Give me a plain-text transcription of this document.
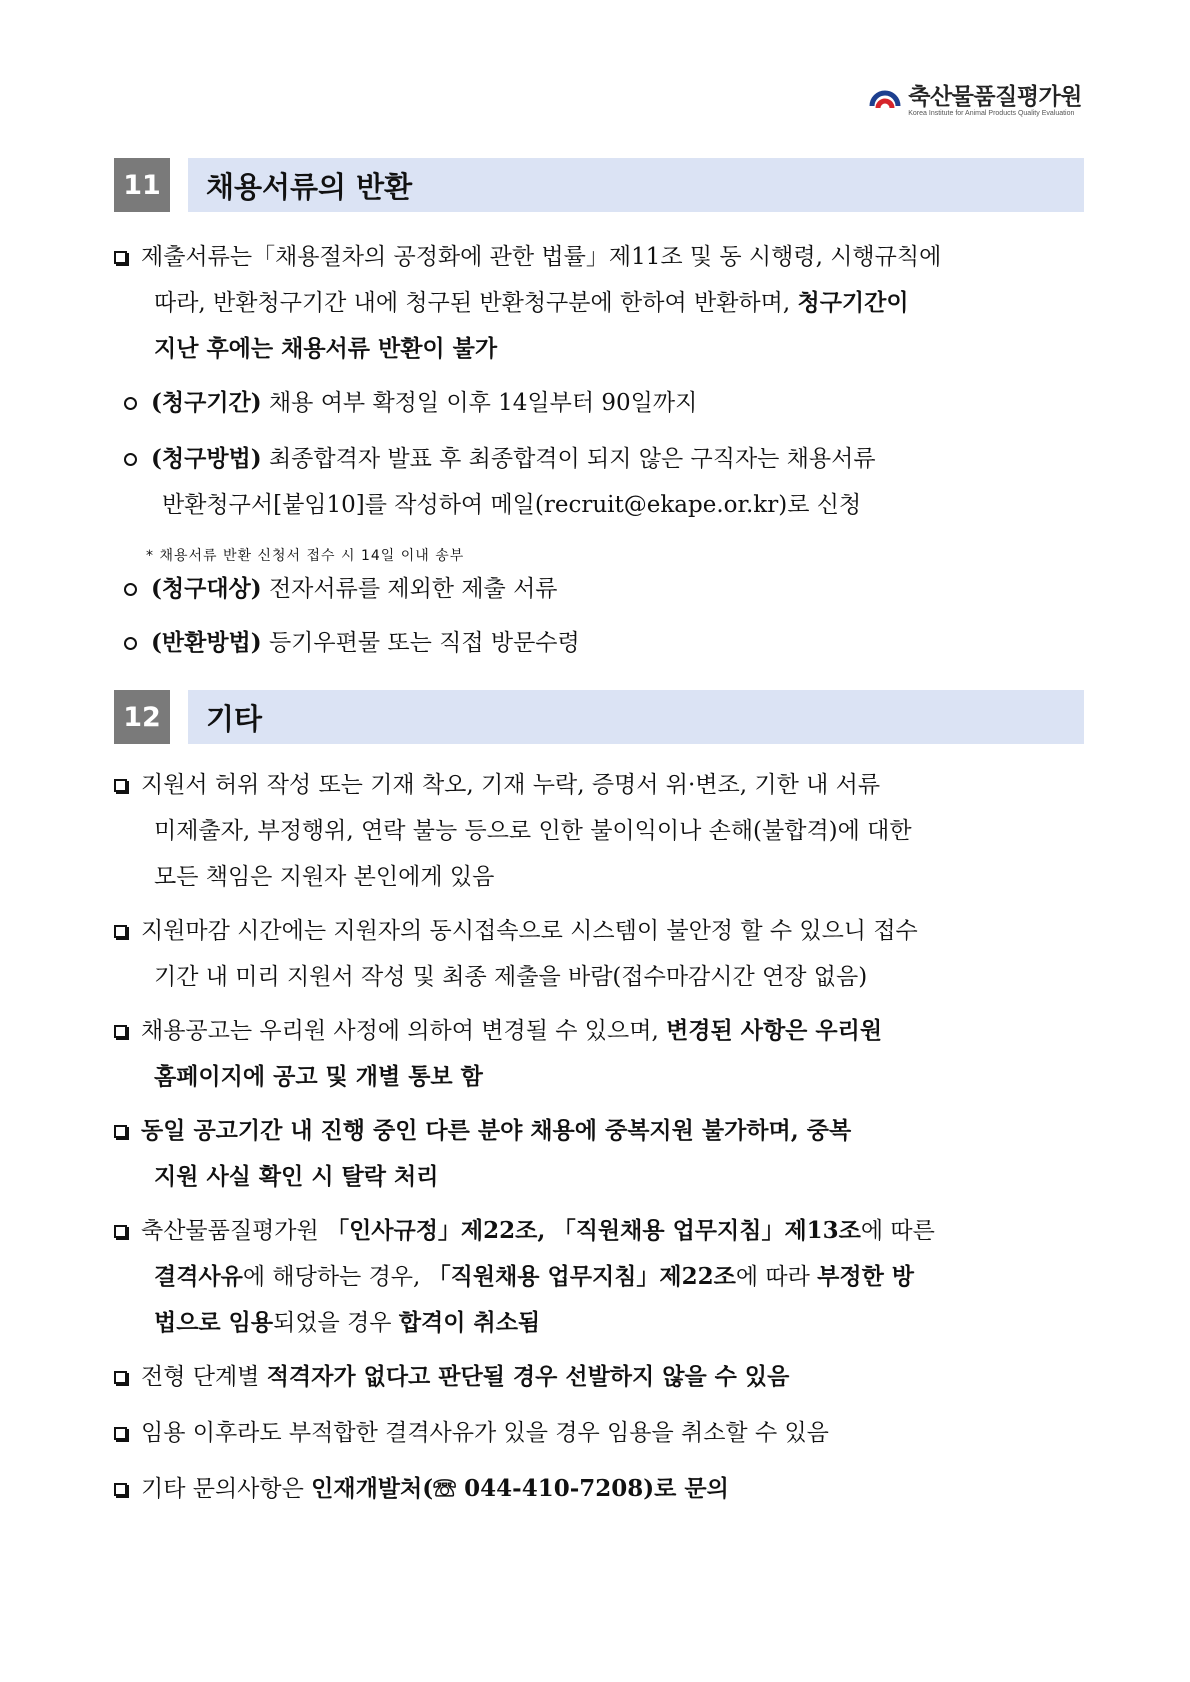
축산물품질평가원
Korea Institute for Animal Products Quality Evaluation
11	채용서류의 반환
제출서류는「채용절차의 공정화에 관한 법률」제11조 및 동 시행령, 시행규칙에
따라, 반환청구기간 내에 청구된 반환청구분에 한하여 반환하며, 청구기간이
지난 후에는 채용서류 반환이 불가
(청구기간) 채용 여부 확정일 이후 14일부터 90일까지
(청구방법) 최종합격자 발표 후 최종합격이 되지 않은 구직자는 채용서류
반환청구서[붙임10]를 작성하여 메일(recruit@ekape.or.kr)로 신청
* 채용서류 반환 신청서 접수 시 14일 이내 송부
(청구대상) 전자서류를 제외한 제출 서류
(반환방법) 등기우편물 또는 직접 방문수령
12	기타
지원서 허위 작성 또는 기재 착오, 기재 누락, 증명서 위·변조, 기한 내 서류
미제출자, 부정행위, 연락 불능 등으로 인한 불이익이나 손해(불합격)에 대한
모든 책임은 지원자 본인에게 있음
지원마감 시간에는 지원자의 동시접속으로 시스템이 불안정 할 수 있으니 접수
기간 내 미리 지원서 작성 및 최종 제출을 바람(접수마감시간 연장 없음)
채용공고는 우리원 사정에 의하여 변경될 수 있으며, 변경된 사항은 우리원
홈페이지에 공고 및 개별 통보 함
동일 공고기간 내 진행 중인 다른 분야 채용에 중복지원 불가하며, 중복
지원 사실 확인 시 탈락 처리
축산물품질평가원 「인사규정」제22조, 「직원채용 업무지침」제13조에 따른
결격사유에 해당하는 경우, 「직원채용 업무지침」제22조에 따라 부정한 방
법으로 임용되었을 경우 합격이 취소됨
전형 단계별 적격자가 없다고 판단될 경우 선발하지 않을 수 있음
임용 이후라도 부적합한 결격사유가 있을 경우 임용을 취소할 수 있음
기타 문의사항은 인재개발처(☏ 044-410-7208)로 문의
